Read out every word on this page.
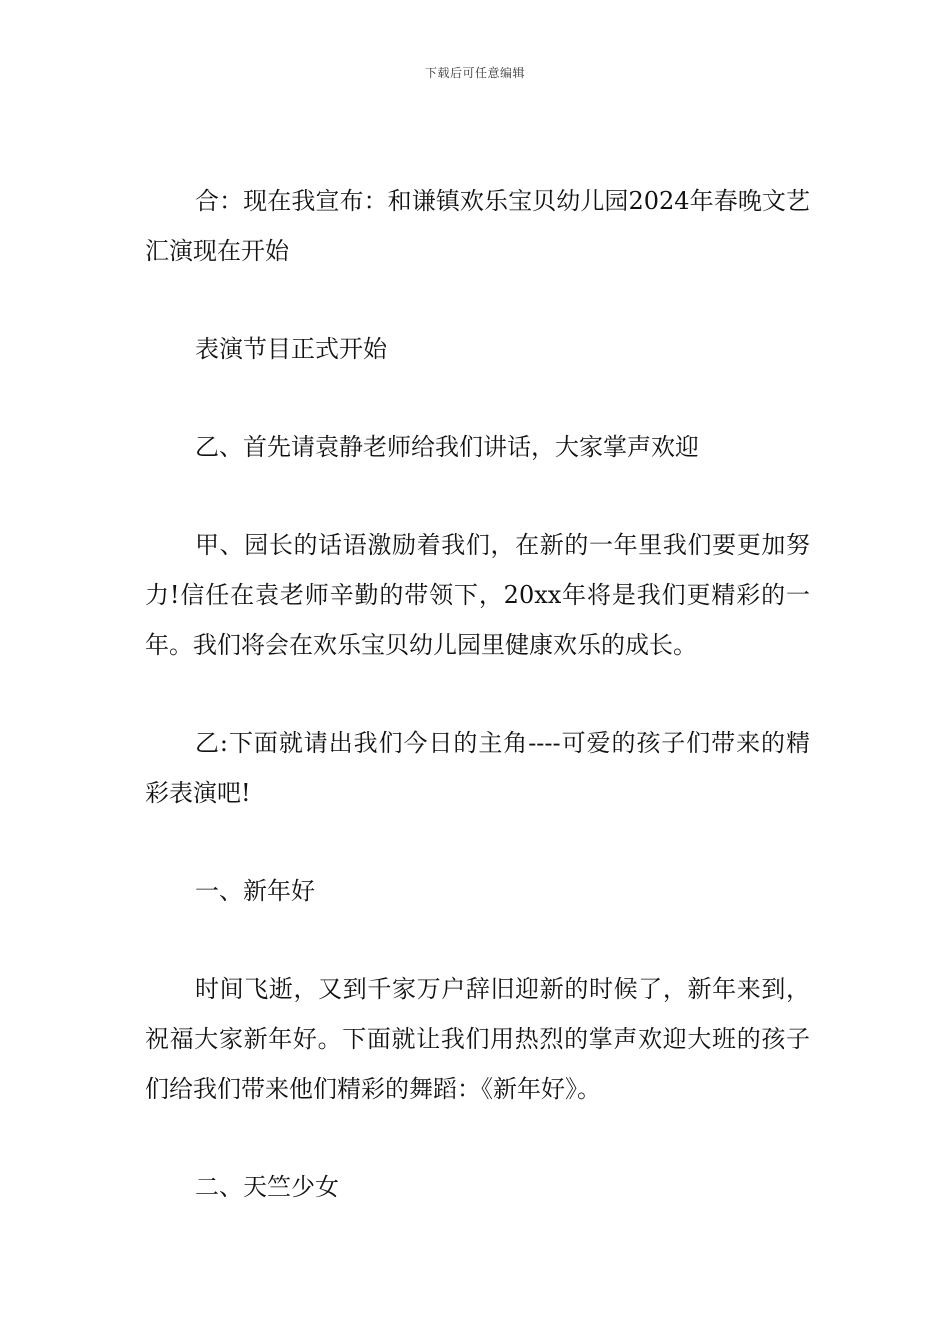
下载后可任意编辑

合：现在我宣布：和谦镇欢乐宝贝幼儿园2024年春晚文艺汇演现在开始

表演节目正式开始

乙、首先请袁静老师给我们讲话，大家掌声欢迎

甲、园长的话语激励着我们，在新的一年里我们要更加努力!信任在袁老师辛勤的带领下，20xx年将是我们更精彩的一年。我们将会在欢乐宝贝幼儿园里健康欢乐的成长。

乙:下面就请出我们今日的主角----可爱的孩子们带来的精彩表演吧!

一、新年好

时间飞逝，又到千家万户辞旧迎新的时候了，新年来到，祝福大家新年好。下面就让我们用热烈的掌声欢迎大班的孩子们给我们带来他们精彩的舞蹈：《新年好》。

二、天竺少女
